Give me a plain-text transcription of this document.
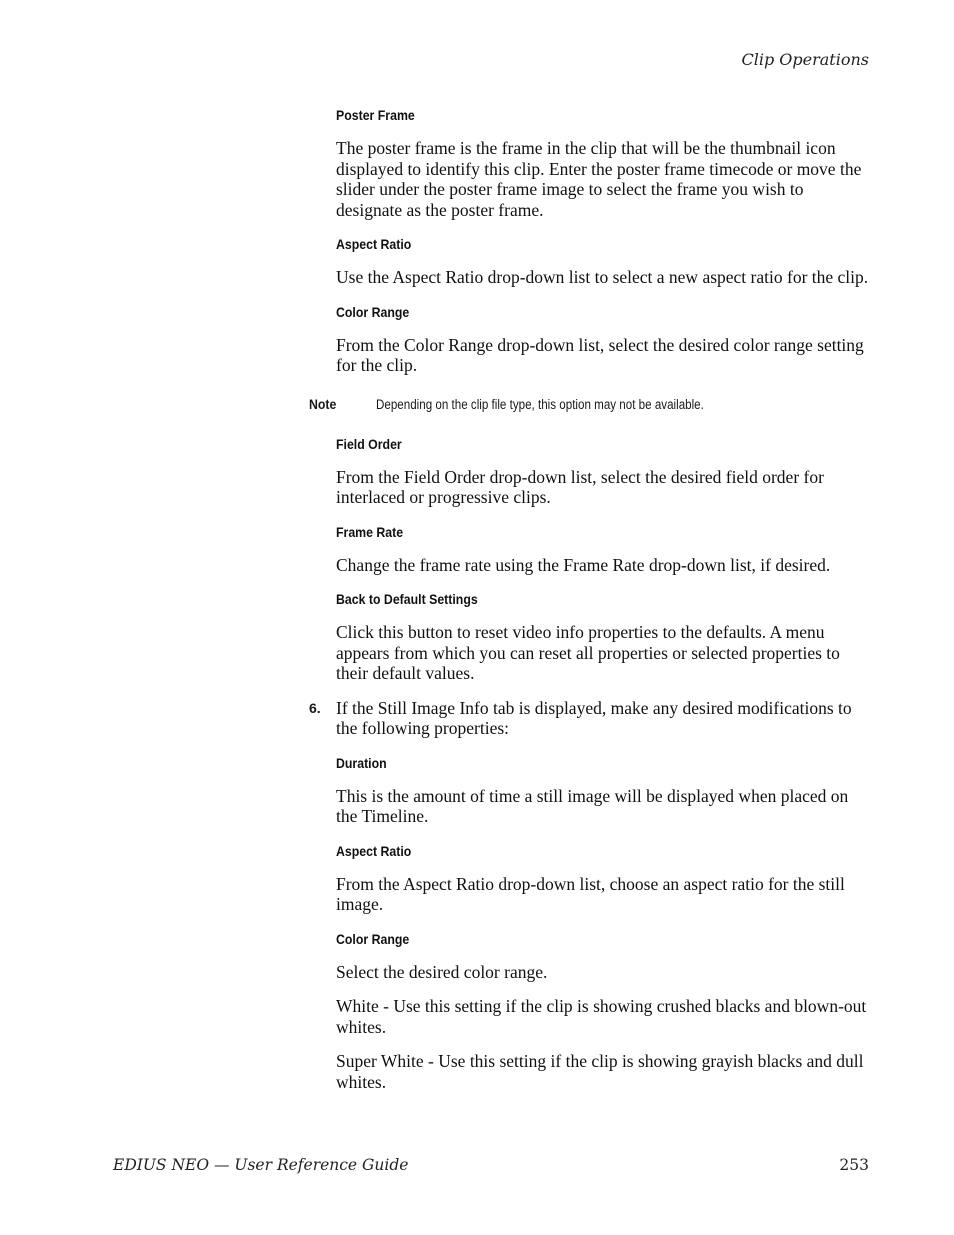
Clip Operations
Poster Frame

The poster frame is the frame in the clip that will be the thumbnail icon displayed to identify this clip. Enter the poster frame timecode or move the slider under the poster frame image to select the frame you wish to designate as the poster frame.

Aspect Ratio

Use the Aspect Ratio drop-down list to select a new aspect ratio for the clip.

Color Range

From the Color Range drop-down list, select the desired color range setting for the clip.

Note	Depending on the clip file type, this option may not be available.
Field Order

From the Field Order drop-down list, select the desired field order for interlaced or progressive clips.

Frame Rate

Change the frame rate using the Frame Rate drop-down list, if desired.

Back to Default Settings

Click this button to reset video info properties to the defaults. A menu appears from which you can reset all properties or selected properties to their default values.

6. If the Still Image Info tab is displayed, make any desired modifications to the following properties:

Duration

This is the amount of time a still image will be displayed when placed on the Timeline.

Aspect Ratio

From the Aspect Ratio drop-down list, choose an aspect ratio for the still image.

Color Range

Select the desired color range.

White - Use this setting if the clip is showing crushed blacks and blown-out whites.

Super White - Use this setting if the clip is showing grayish blacks and dull whites.

EDIUS NEO — User Reference Guide	253
